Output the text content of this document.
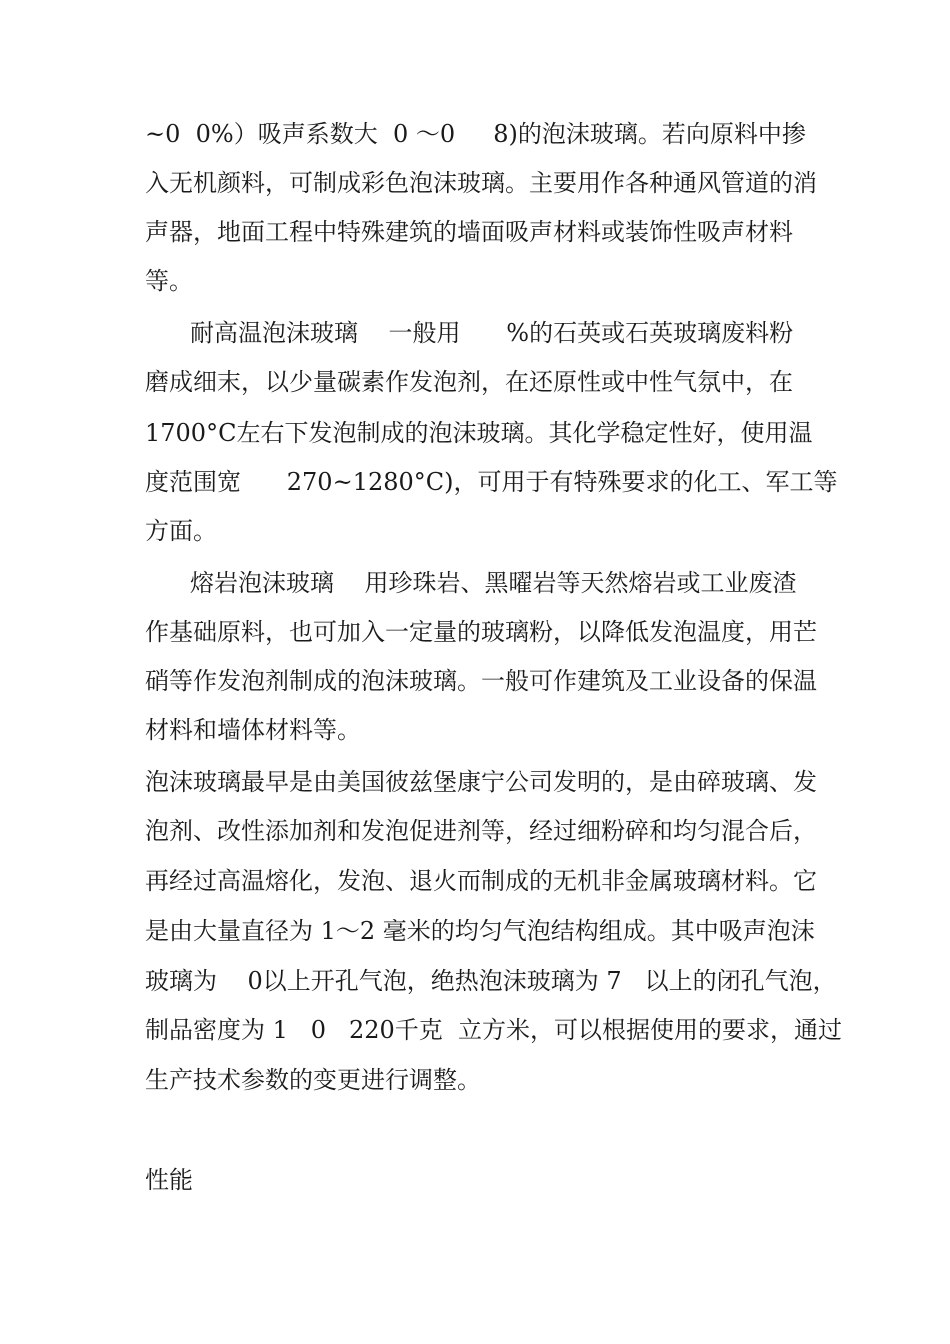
~0  0%）吸声系数大  0 ～0     8)的泡沫玻璃。若向原料中掺
入无机颜料，可制成彩色泡沫玻璃。主要用作各种通风管道的消
声器，地面工程中特殊建筑的墙面吸声材料或装饰性吸声材料
等。
耐高温泡沫玻璃    一般用      %的石英或石英玻璃废料粉
磨成细末，以少量碳素作发泡剂，在还原性或中性气氛中，在
1700°C左右下发泡制成的泡沫玻璃。其化学稳定性好，使用温
度范围宽      270~1280°C)，可用于有特殊要求的化工、军工等
方面。
熔岩泡沫玻璃    用珍珠岩、黑曜岩等天然熔岩或工业废渣
作基础原料，也可加入一定量的玻璃粉，以降低发泡温度，用芒
硝等作发泡剂制成的泡沫玻璃。一般可作建筑及工业设备的保温
材料和墙体材料等。
泡沫玻璃最早是由美国彼兹堡康宁公司发明的，是由碎玻璃、发
泡剂、改性添加剂和发泡促进剂等，经过细粉碎和均匀混合后，
再经过高温熔化，发泡、退火而制成的无机非金属玻璃材料。它
是由大量直径为 1～2 毫米的均匀气泡结构组成。其中吸声泡沫
玻璃为    0以上开孔气泡，绝热泡沫玻璃为 7   以上的闭孔气泡，
制品密度为 1   0   220千克  立方米，可以根据使用的要求，通过
生产技术参数的变更进行调整。
性能
